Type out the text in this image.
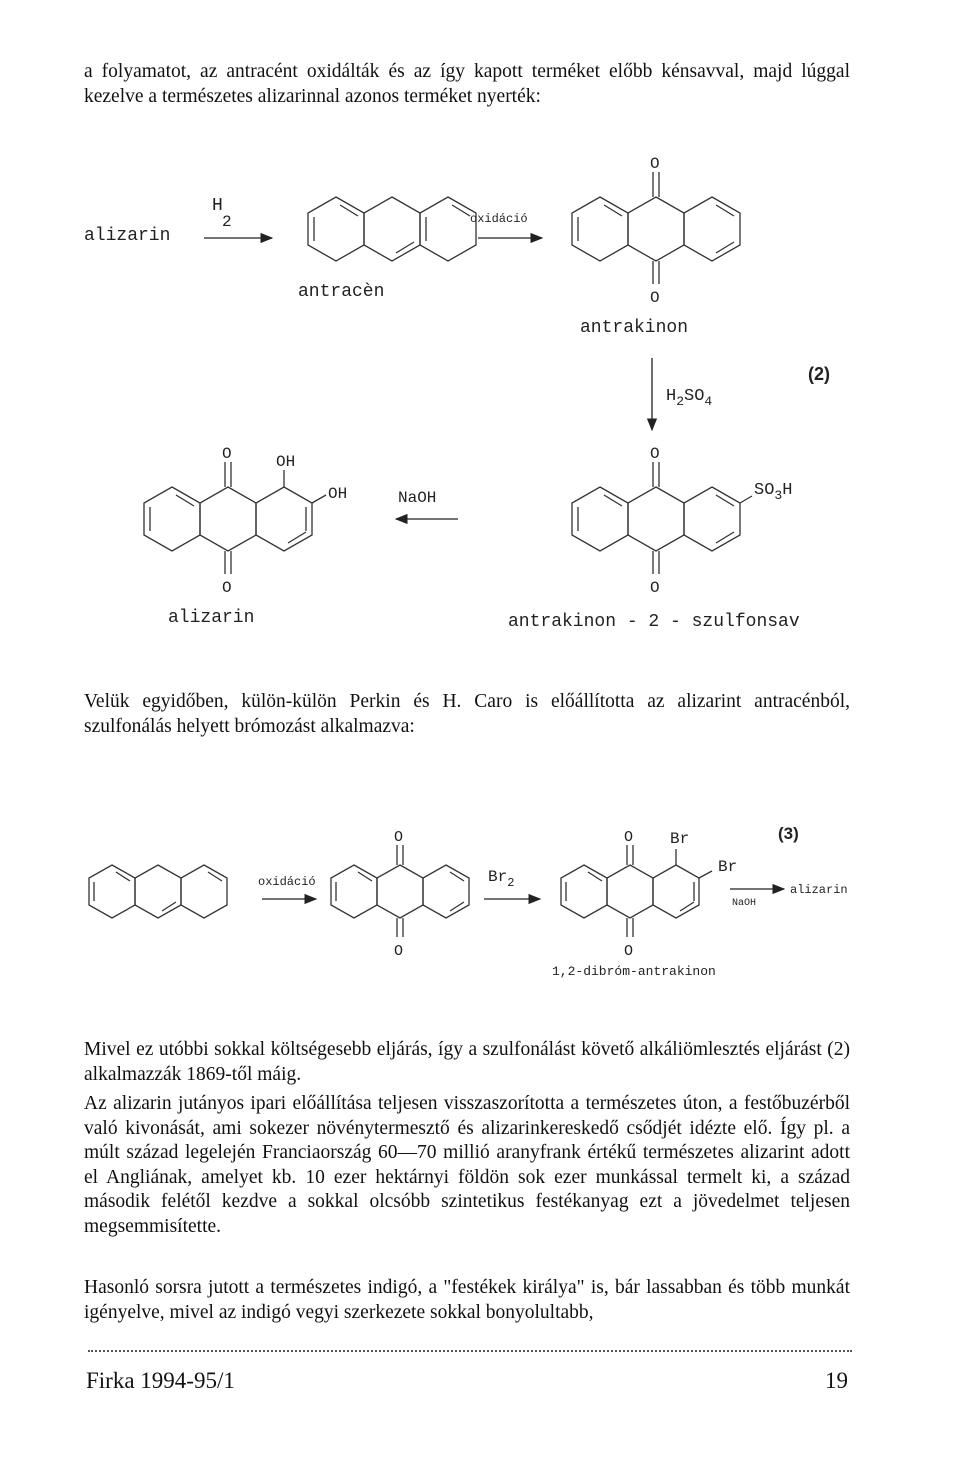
a folyamatot, az antracént oxidálták és az így kapott terméket előbb kénsavval, majd lúggal kezelve a természetes alizarinnal azonos terméket nyerték:
alizarin
H
2
antracèn
oxidáció
O
O
antrakinon
$H_2SO_4$
(2)
O
O
$SO_3H$
NaOH
O	OH
OH
O
alizarin	antrakinon - 2 - szulfonsav
Velük egyidőben, külön-külön Perkin és H. Caro is előállította az alizarint antracénból, szulfonálás helyett brómozást alkalmazva:
oxidáció
O
O
$Br_2$
O Br
Br
O
NaOH
alizarin
(3)
1,2-dibróm-antrakinon
Mivel ez utóbbi sokkal költségesebb eljárás, így a szulfonálást követő alkáliömlesztés eljárást (2) alkalmazzák 1869-től máig.
Az alizarin jutányos ipari előállítása teljesen visszaszorította a természetes úton, a festőbuzérből való kivonását, ami sokezer növénytermesztő és alizarinkereskedő csődjét idézte elő. Így pl. a múlt század legelején Franciaország 60—70 millió aranyfrank értékű természetes alizarint adott el Angliának, amelyet kb. 10 ezer hektárnyi földön sok ezer munkással termelt ki, a század második felétől kezdve a sokkal olcsóbb szintetikus festékanyag ezt a jövedelmet teljesen megsemmisítette.
Hasonló sorsra jutott a természetes indigó, a "festékek királya" is, bár lassabban és több munkát igényelve, mivel az indigó vegyi szerkezete sokkal bonyolultabb,
Firka 1994-95/1	19
